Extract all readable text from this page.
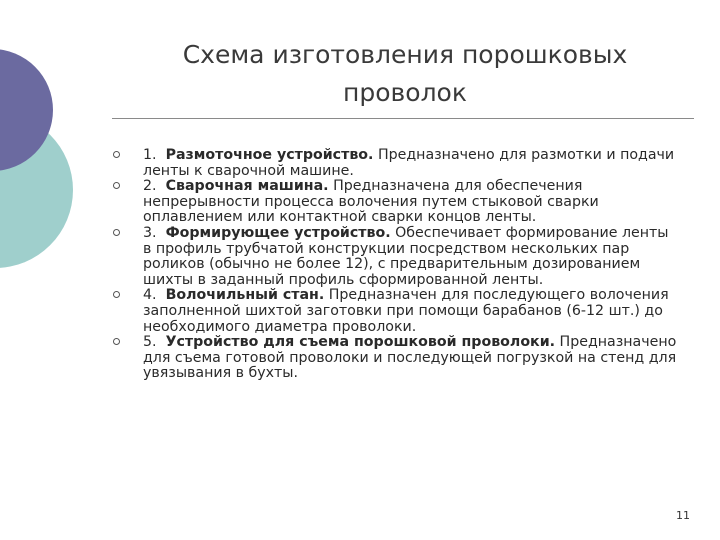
Схема изготовления порошковых
проволок
1. Размоточное устройство. Предназначено для размотки и подачи ленты к сварочной машине.
2. Сварочная машина. Предназначена для обеспечения непрерывности процесса волочения путем стыковой сварки оплавлением или контактной сварки концов ленты.
3. Формирующее устройство. Обеспечивает формирование ленты в профиль трубчатой конструкции посредством нескольких пар роликов (обычно не более 12), с предварительным дозированием шихты в заданный профиль сформированной ленты.
4. Волочильный стан. Предназначен для последующего волочения заполненной шихтой заготовки при помощи барабанов (6-12 шт.) до необходимого диаметра проволоки.
5. Устройство для съема порошковой проволоки. Предназначено для съема готовой проволоки и последующей погрузкой на стенд для увязывания в бухты.
11
